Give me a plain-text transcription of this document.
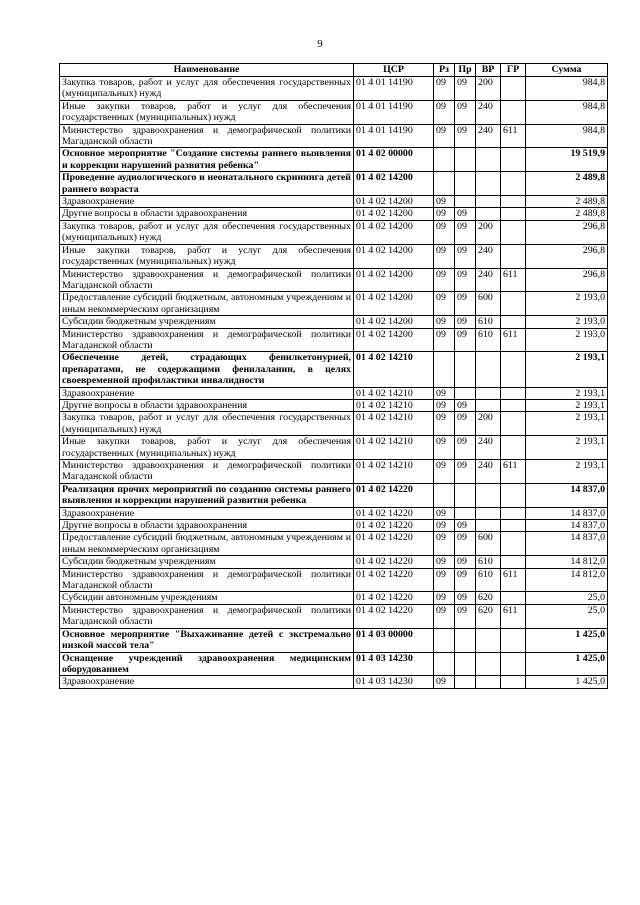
9
Наименование	ЦСР	Рз	Пр	ВР	ГР	Сумма
Закупка товаров, работ и услуг для обеспечения государственных (муниципальных) нужд	01 4 01 14190	09	09	200		984,8
Иные закупки товаров, работ и услуг для обеспечения государственных (муниципальных) нужд	01 4 01 14190	09	09	240		984,8
Министерство здравоохранения и демографической политики Магаданской области	01 4 01 14190	09	09	240	611	984,8
Основное мероприятие "Создание системы раннего выявления и коррекции нарушений развития ребенка"	01 4 02 00000					19 519,9
Проведение аудиологического и неонатального скрининга детей раннего возраста	01 4 02 14200					2 489,8
Здравоохранение	01 4 02 14200	09				2 489,8
Другие вопросы в области здравоохранения	01 4 02 14200	09	09			2 489,8
Закупка товаров, работ и услуг для обеспечения государственных (муниципальных) нужд	01 4 02 14200	09	09	200		296,8
Иные закупки товаров, работ и услуг для обеспечения государственных (муниципальных) нужд	01 4 02 14200	09	09	240		296,8
Министерство здравоохранения и демографической политики Магаданской области	01 4 02 14200	09	09	240	611	296,8
Предоставление субсидий бюджетным, автономным учреждениям и иным некоммерческим организациям	01 4 02 14200	09	09	600		2 193,0
Субсидии бюджетным учреждениям	01 4 02 14200	09	09	610		2 193,0
Министерство здравоохранения и демографической политики Магаданской области	01 4 02 14200	09	09	610	611	2 193,0
Обеспечение детей, страдающих фенилкетонурией, препаратами, не содержащими фенилаланин, в целях своевременной профилактики инвалидности	01 4 02 14210					2 193,1
Здравоохранение	01 4 02 14210	09				2 193,1
Другие вопросы в области здравоохранения	01 4 02 14210	09	09			2 193,1
Закупка товаров, работ и услуг для обеспечения государственных (муниципальных) нужд	01 4 02 14210	09	09	200		2 193,1
Иные закупки товаров, работ и услуг для обеспечения государственных (муниципальных) нужд	01 4 02 14210	09	09	240		2 193,1
Министерство здравоохранения и демографической политики Магаданской области	01 4 02 14210	09	09	240	611	2 193,1
Реализация прочих мероприятий по созданию системы раннего выявления и коррекции нарушений развития ребенка	01 4 02 14220					14 837,0
Здравоохранение	01 4 02 14220	09				14 837,0
Другие вопросы в области здравоохранения	01 4 02 14220	09	09			14 837,0
Предоставление субсидий бюджетным, автономным учреждениям и иным некоммерческим организациям	01 4 02 14220	09	09	600		14 837,0
Субсидии бюджетным учреждениям	01 4 02 14220	09	09	610		14 812,0
Министерство здравоохранения и демографической политики Магаданской области	01 4 02 14220	09	09	610	611	14 812,0
Субсидии автономным учреждениям	01 4 02 14220	09	09	620		25,0
Министерство здравоохранения и демографической политики Магаданской области	01 4 02 14220	09	09	620	611	25,0
Основное мероприятие "Выхаживание детей с экстремально низкой массой тела"	01 4 03 00000					1 425,0
Оснащение учреждений здравоохранения медицинским оборудованием	01 4 03 14230					1 425,0
Здравоохранение	01 4 03 14230	09				1 425,0
